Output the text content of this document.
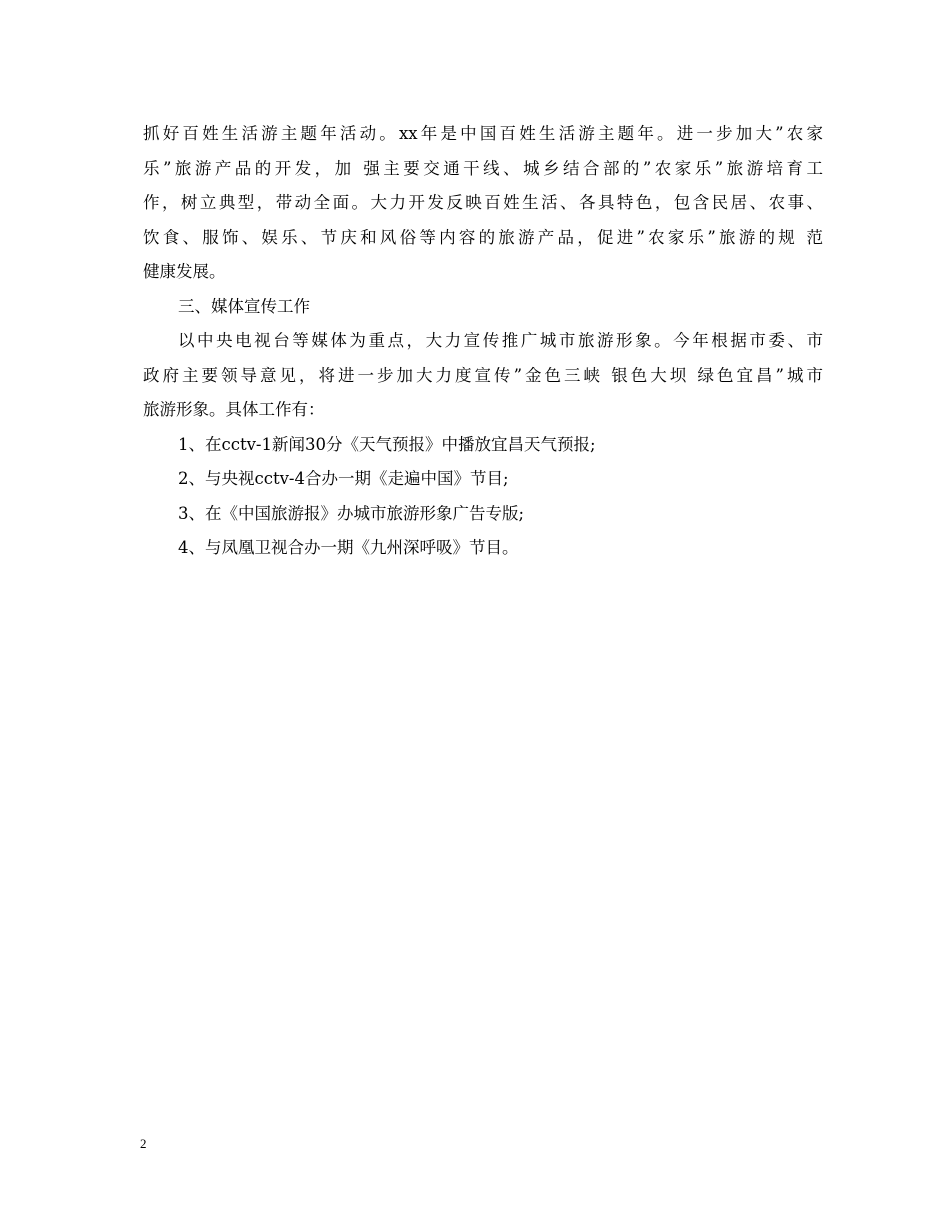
抓好百姓生活游主题年活动。xx年是中国百姓生活游主题年。进一步加大”农家
乐”旅游产品的开发，加 强主要交通干线、城乡结合部的”农家乐”旅游培育工
作，树立典型，带动全面。大力开发反映百姓生活、各具特色，包含民居、农事、
饮食、服饰、娱乐、节庆和风俗等内容的旅游产品，促进”农家乐”旅游的规 范
健康发展。
三、媒体宣传工作
以中央电视台等媒体为重点，大力宣传推广城市旅游形象。今年根据市委、市
政府主要领导意见，将进一步加大力度宣传”金色三峡 银色大坝 绿色宜昌”城市
旅游形象。具体工作有：
1、在cctv-1新闻30分《天气预报》中播放宜昌天气预报;
2、与央视cctv-4合办一期《走遍中国》节目;
3、在《中国旅游报》办城市旅游形象广告专版;
4、与凤凰卫视合办一期《九州深呼吸》节目。
2
